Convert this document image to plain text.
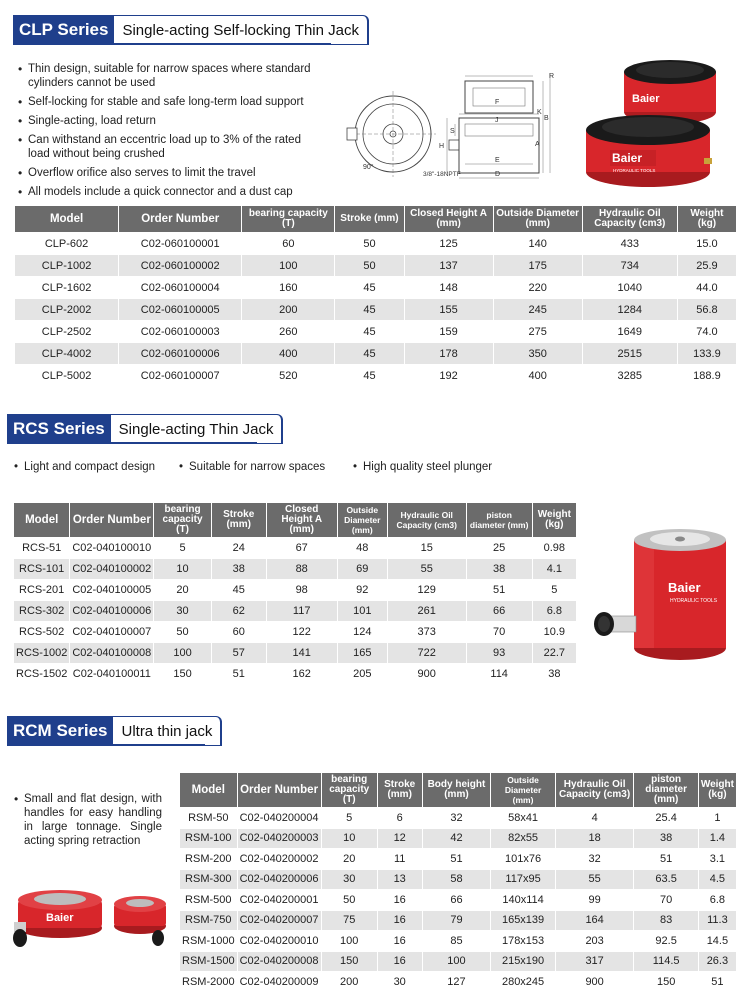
CLP Series Single-acting Self-locking Thin Jack
• Thin design, suitable for narrow spaces where standard cylinders cannot be used
• Self-locking for stable and safe long-term load support
• Single-acting, load return
• Can withstand an eccentric load up to 3% of the rated load without being crushed
• Overflow orifice also serves to limit the travel
• All models include a quick connector and a dust cap
90°
R
F
K
B
J
S
A
H
E
D
3/8"-18NPTF
Baier
Baier
HYDRAULIC TOOLS
Model	Order Number	bearing capacity (T)	Stroke (mm)	Closed Height A (mm)	Outside Diameter (mm)	Hydraulic Oil Capacity (cm3)	Weight (kg)
CLP-602	C02-060100001	60	50	125	140	433	15.0
CLP-1002	C02-060100002	100	50	137	175	734	25.9
CLP-1602	C02-060100004	160	45	148	220	1040	44.0
CLP-2002	C02-060100005	200	45	155	245	1284	56.8
CLP-2502	C02-060100003	260	45	159	275	1649	74.0
CLP-4002	C02-060100006	400	45	178	350	2515	133.9
CLP-5002	C02-060100007	520	45	192	400	3285	188.9
RCS Series Single-acting Thin Jack
• Light and compact design	• Suitable for narrow spaces	• High quality steel plunger
Model	Order Number	bearing capacity (T)	Stroke (mm)	Closed Height A (mm)	Outside Diameter (mm)	Hydraulic Oil Capacity (cm3)	piston diameter (mm)	Weight (kg)
RCS-51	C02-040100010	5	24	67	48	15	25	0.98
RCS-101	C02-040100002	10	38	88	69	55	38	4.1
RCS-201	C02-040100005	20	45	98	92	129	51	5
RCS-302	C02-040100006	30	62	117	101	261	66	6.8
RCS-502	C02-040100007	50	60	122	124	373	70	10.9
RCS-1002	C02-040100008	100	57	141	165	722	93	22.7
RCS-1502	C02-040100011	150	51	162	205	900	114	38
Baier
HYDRAULIC TOOLS
RCM Series Ultra thin jack
• Small and flat design, with handles for easy handling in large tonnage. Single acting spring retraction
Baier
Model	Order Number	bearing capacity (T)	Stroke (mm)	Body height (mm)	Outside Diameter (mm)	Hydraulic Oil Capacity (cm3)	piston diameter (mm)	Weight (kg)
RSM-50	C02-040200004	5	6	32	58x41	4	25.4	1
RSM-100	C02-040200003	10	12	42	82x55	18	38	1.4
RSM-200	C02-040200002	20	11	51	101x76	32	51	3.1
RSM-300	C02-040200006	30	13	58	117x95	55	63.5	4.5
RSM-500	C02-040200001	50	16	66	140x114	99	70	6.8
RSM-750	C02-040200007	75	16	79	165x139	164	83	11.3
RSM-1000	C02-040200010	100	16	85	178x153	203	92.5	14.5
RSM-1500	C02-040200008	150	16	100	215x190	317	114.5	26.3
RSM-2000	C02-040200009	200	30	127	280x245	900	150	51
